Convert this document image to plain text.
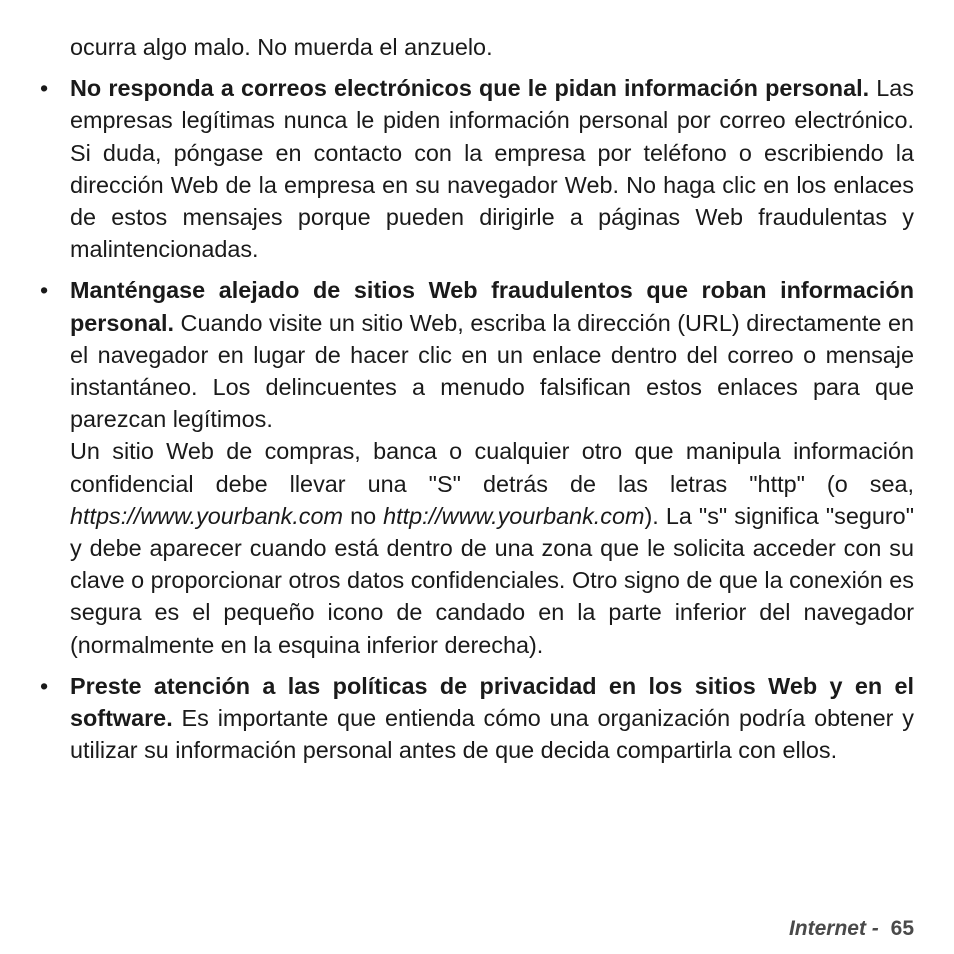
ocurra algo malo. No muerda el anzuelo.

• No responda a correos electrónicos que le pidan información personal. Las empresas legítimas nunca le piden información personal por correo electrónico. Si duda, póngase en contacto con la empresa por teléfono o escribiendo la dirección Web de la empresa en su navegador Web. No haga clic en los enlaces de estos mensajes porque pueden dirigirle a páginas Web fraudulentas y malintencionadas.

• Manténgase alejado de sitios Web fraudulentos que roban información personal. Cuando visite un sitio Web, escriba la dirección (URL) directamente en el navegador en lugar de hacer clic en un enlace dentro del correo o mensaje instantáneo. Los delincuentes a menudo falsifican estos enlaces para que parezcan legítimos.

Un sitio Web de compras, banca o cualquier otro que manipula información confidencial debe llevar una "S" detrás de las letras "http" (o sea, https://www.yourbank.com no http://www.yourbank.com). La "s" significa "seguro" y debe aparecer cuando está dentro de una zona que le solicita acceder con su clave o proporcionar otros datos confidenciales. Otro signo de que la conexión es segura es el pequeño icono de candado en la parte inferior del navegador (normalmente en la esquina inferior derecha).

• Preste atención a las políticas de privacidad en los sitios Web y en el software. Es importante que entienda cómo una organización podría obtener y utilizar su información personal antes de que decida compartirla con ellos.

Internet - 65
